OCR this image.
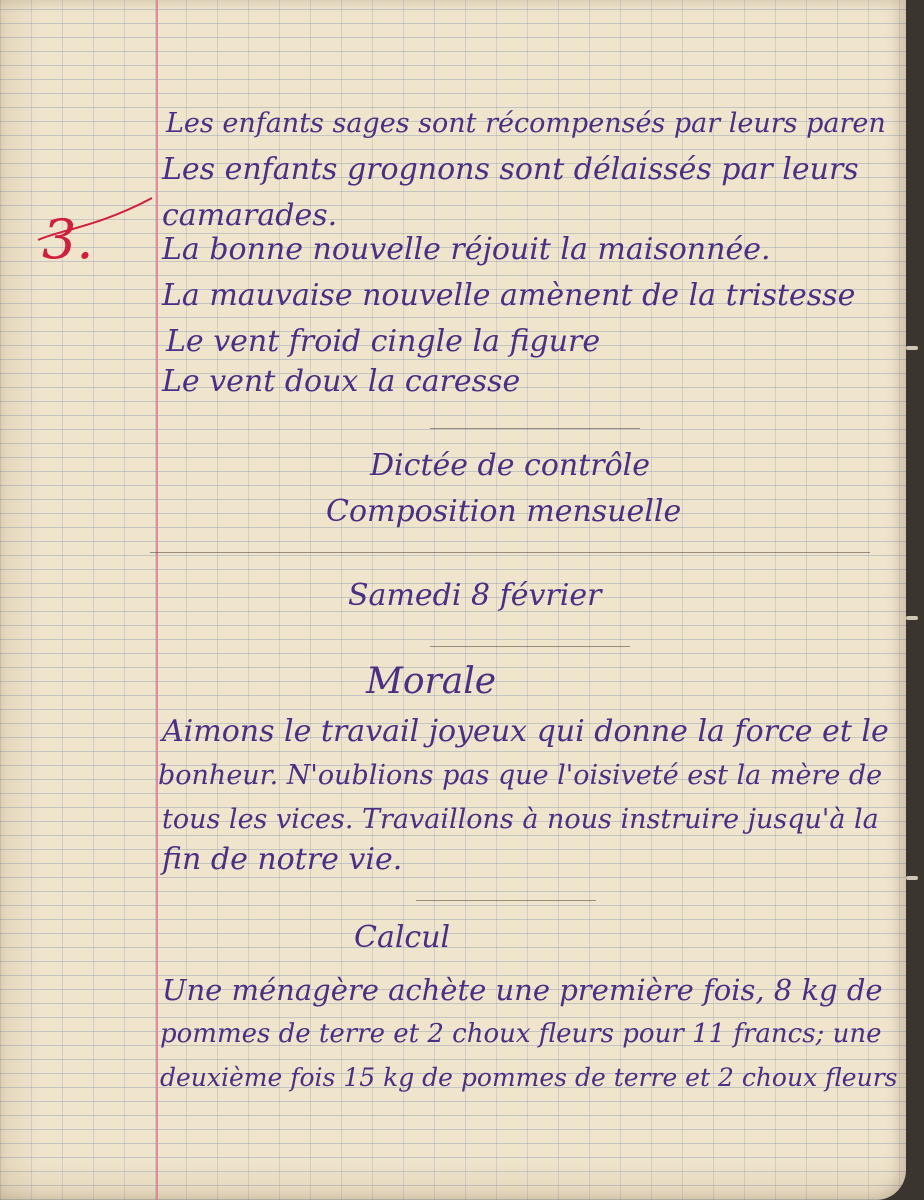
3.
Les enfants sages sont récompensés par leurs paren
Les enfants grognons sont délaissés par leurs
camarades.
La bonne nouvelle réjouit la maisonnée.
La mauvaise nouvelle amènent de la tristesse
Le vent froid cingle la figure
Le vent doux la caresse
Dictée de contrôle
Composition mensuelle
Samedi 8 février
Morale
Aimons le travail joyeux qui donne la force et le
bonheur. N'oublions pas que l'oisiveté est la mère de
tous les vices. Travaillons à nous instruire jusqu'à la
fin de notre vie.
Calcul
Une ménagère achète une première fois, 8 kg de
pommes de terre et 2 choux fleurs pour 11 francs; une
deuxième fois 15 kg de pommes de terre et 2 choux fleurs
